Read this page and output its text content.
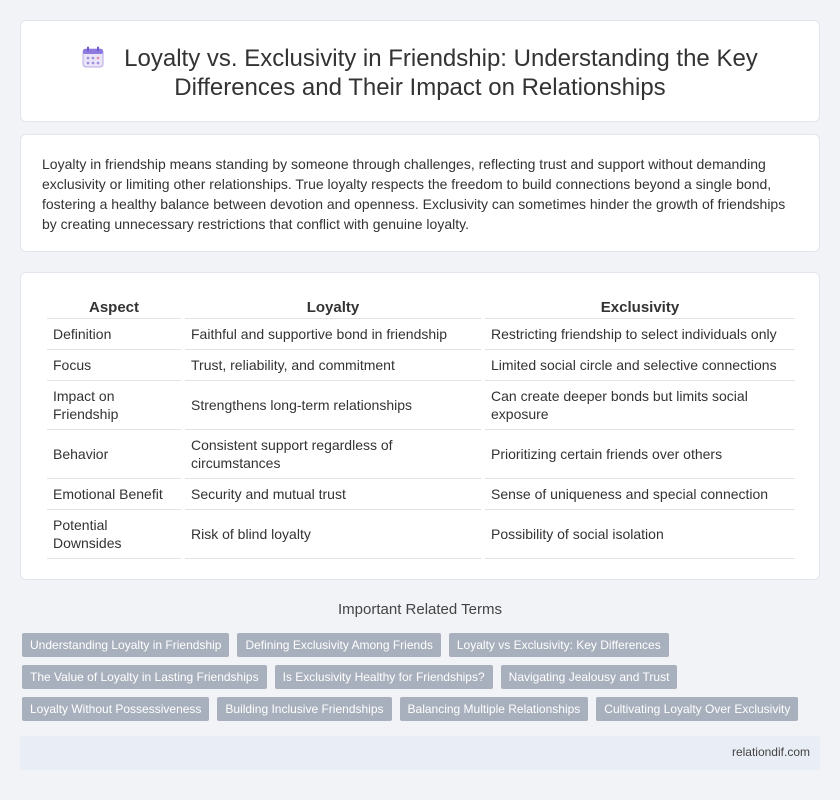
Loyalty vs. Exclusivity in Friendship: Understanding the Key Differences and Their Impact on Relationships

Loyalty in friendship means standing by someone through challenges, reflecting trust and support without demanding exclusivity or limiting other relationships. True loyalty respects the freedom to build connections beyond a single bond, fostering a healthy balance between devotion and openness. Exclusivity can sometimes hinder the growth of friendships by creating unnecessary restrictions that conflict with genuine loyalty.

Aspect	Loyalty	Exclusivity
Definition	Faithful and supportive bond in friendship	Restricting friendship to select individuals only
Focus	Trust, reliability, and commitment	Limited social circle and selective connections
Impact on Friendship	Strengthens long-term relationships	Can create deeper bonds but limits social exposure
Behavior	Consistent support regardless of circumstances	Prioritizing certain friends over others
Emotional Benefit	Security and mutual trust	Sense of uniqueness and special connection
Potential Downsides	Risk of blind loyalty	Possibility of social isolation
Important Related Terms
Understanding Loyalty in Friendship	Defining Exclusivity Among Friends	Loyalty vs Exclusivity: Key Differences
The Value of Loyalty in Lasting Friendships	Is Exclusivity Healthy for Friendships?	Navigating Jealousy and Trust
Loyalty Without Possessiveness	Building Inclusive Friendships	Balancing Multiple Relationships	Cultivating Loyalty Over Exclusivity
relationdif.com
